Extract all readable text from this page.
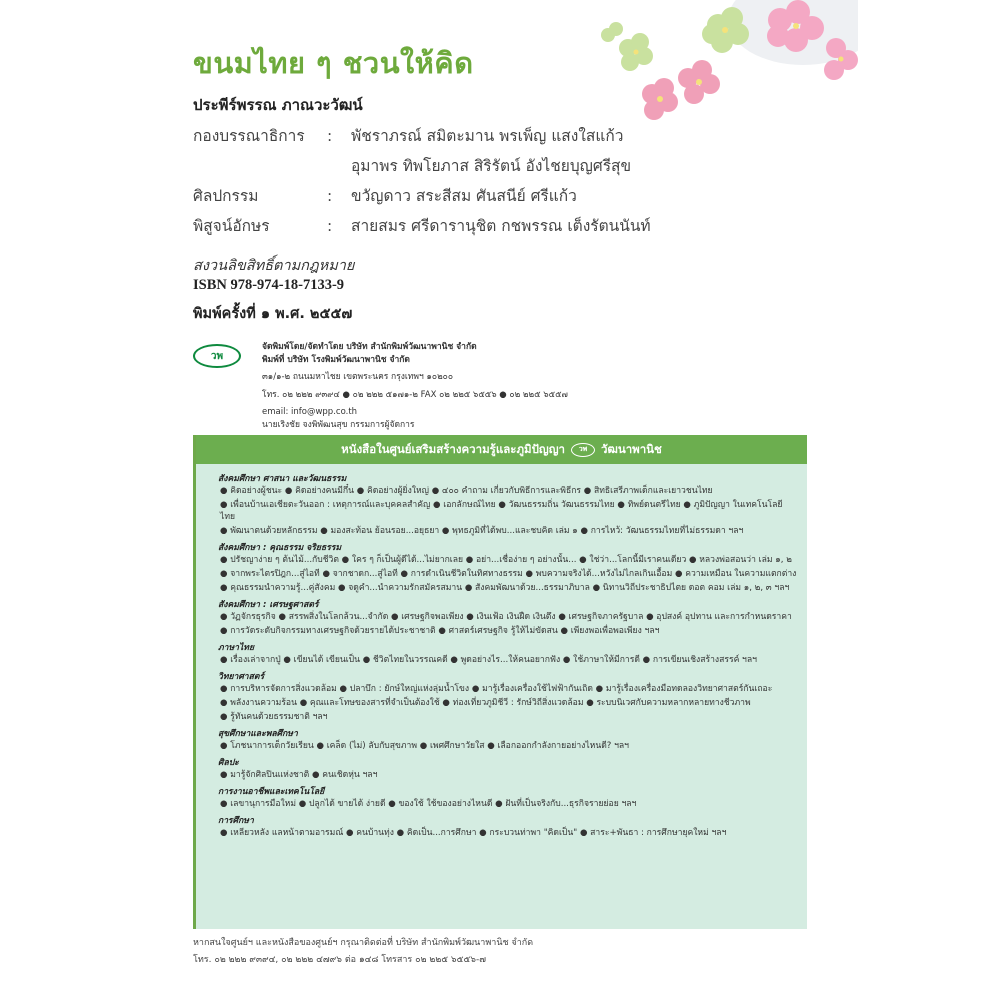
ขนมไทย ๆ ชวนให้คิด
ประพีร์พรรณ ภาณวะวัฒน์
กองบรรณาธิการ	:	พัชราภรณ์ สมิตะมาน พรเพ็ญ แสงใสแก้ว
อุมาพร ทิพโยภาส สิริรัตน์ อังไชยบุญศรีสุข
ศิลปกรรม	:	ขวัญดาว สระสีสม ศันสนีย์ ศรีแก้ว
พิสูจน์อักษร	:	สายสมร ศรีดารานุชิต กชพรรณ เต็งรัตนนันท์
สงวนลิขสิทธิ์ตามกฎหมาย
ISBN 978-974-18-7133-9
พิมพ์ครั้งที่ ๑ พ.ศ. ๒๕๕๗
วพ
จัดพิมพ์โดย/จัดทำโดย บริษัท สำนักพิมพ์วัฒนาพานิช จำกัด
พิมพ์ที่ บริษัท โรงพิมพ์วัฒนาพานิช จำกัด
๓๑/๑-๒ ถนนมหาไชย เขตพระนคร กรุงเทพฯ ๑๐๒๐๐
โทร. ๐๒ ๒๒๒ ๙๓๙๔ ● ๐๒ ๒๒๒ ๕๑๗๑-๒ FAX ๐๒ ๒๒๕ ๖๕๕๖ ● ๐๒ ๒๒๕ ๖๕๕๗
email: info@wpp.co.th
นายเริงชัย จงพิพัฒนสุข กรรมการผู้จัดการ
หนังสือในศูนย์เสริมสร้างความรู้และภูมิปัญญา	วพ	วัฒนาพานิช
สังคมศึกษา ศาสนา และวัฒนธรรม
● คิดอย่างผู้ชนะ ● คิดอย่างคนมีกึ๋น ● คิดอย่างผู้ยิ่งใหญ่ ● ๔๐๐ คำถาม เกี่ยวกับพิธีการและพิธีกร ● สิทธิเสรีภาพเด็กและเยาวชนไทย
● เพื่อนบ้านเอเชียตะวันออก : เหตุการณ์และบุคคลสำคัญ ● เอกลักษณ์ไทย ● วัฒนธรรมถิ่น วัฒนธรรมไทย ● ทิพย์ดนตรีไทย ● ภูมิปัญญา ในเทคโนโลยีไทย
● พัฒนาตนด้วยหลักธรรม ● มองสะท้อน ย้อนรอย...อยุธยา ● พุทธภูมิที่ได้พบ...และชบคิด เล่ม ๑ ● การไหว้: วัฒนธรรมไทยที่ไม่ธรรมดา ฯลฯ
สังคมศึกษา : คุณธรรม จริยธรรม
● ปรัชญาง่าย ๆ ต้นไม้...กับชีวิต ● ใคร ๆ ก็เป็นผู้ดีได้...ไม่ยากเลย ● อย่า...เชื่อง่าย ๆ อย่างนั้น... ● ใช่ว่า...โลกนี้มีเราคนเดียว ● หลวงพ่อสอนว่า เล่ม ๑, ๒
● จากพระไตรปิฎก...สู่ไอที ● จากชาดก...สู่ไอที ● การดำเนินชีวิตในทิศทางธรรม ● พบความจริงได้...หวังไม่ไกลเกินเอื้อม ● ความเหมือน ในความแตกต่าง
● คุณธรรมนำความรู้...คู่สังคม ● จดูคำ...นำความรักสมัครสมาน ● สังคมพัฒนาด้วย...ธรรมาภิบาล ● นิทานวิถีประชาธิปไตย ดอต คอม เล่ม ๑, ๒, ๓ ฯลฯ
สังคมศึกษา : เศรษฐศาสตร์
● วัฏจักรธุรกิจ ● สรรพสิ่งในโลกล้วน...จำกัด ● เศรษฐกิจพอเพียง ● เงินเฟ้อ เงินฝืด เงินตึง ● เศรษฐกิจภาครัฐบาล ● อุปสงค์ อุปทาน และการกำหนดราคา
● การวัดระดับกิจกรรมทางเศรษฐกิจด้วยรายได้ประชาชาติ ● ศาสตร์เศรษฐกิจ รู้ให้ไม่ขัดสน ● เพียงพอเพื่อพอเพียง ฯลฯ
ภาษาไทย
● เรื่องเล่าจากปู่ ● เขียนได้ เขียนเป็น ● ชีวิตไทยในวรรณคดี ● พูดอย่างไร...ให้คนอยากฟัง ● ใช้ภาษาให้มีการดี ● การเขียนเชิงสร้างสรรค์ ฯลฯ
วิทยาศาสตร์
● การบริหารจัดการสิ่งแวดล้อม ● ปลาบึก : ยักษ์ใหญ่แห่งลุ่มน้ำโขง ● มารู้เรื่องเครื่องใช้ไฟฟ้ากันเถิด ● มารู้เรื่องเครื่องมือทดลองวิทยาศาสตร์กันเถอะ
● พลังงานความร้อน ● คุณและโทษของสารที่จำเป็นต้องใช้ ● ท่องเที่ยวภูมิชีวี : รักษ์วิถีสิ่งแวดล้อม ● ระบบนิเวศกับความหลากหลายทางชีวภาพ
● รู้ทันคนด้วยธรรมชาติ ฯลฯ
สุขศึกษาและพลศึกษา
● โภชนาการเด็กวัยเรียน ● เคล็ด (ไม่) ลับกับสุขภาพ ● เพศศึกษาวัยใส ● เลือกออกกำลังกายอย่างไหนดี? ฯลฯ
ศิลปะ
● มารู้จักศิลปินแห่งชาติ ● คนเชิดหุ่น ฯลฯ
การงานอาชีพและเทคโนโลยี
● เลขานุการมือใหม่ ● ปลูกได้ ขายได้ ง่ายดี ● ของใช้ ใช้ของอย่างไหนดี ● ฝันที่เป็นจริงกับ...ธุรกิจรายย่อย ฯลฯ
การศึกษา
● เหลียวหลัง แลหน้าตามอารมณ์ ● คนบ้านทุ่ง ● คิดเป็น...การศึกษา ● กระบวนท่าพา "คิดเป็น" ● สาระ+พันธา : การศึกษายุคใหม่ ฯลฯ
หากสนใจศูนย์ฯ และหนังสือของศูนย์ฯ กรุณาติดต่อที่ บริษัท สำนักพิมพ์วัฒนาพานิช จำกัด
โทร. ๐๒ ๒๒๒ ๙๓๙๔, ๐๒ ๒๒๒ ๔๗๙๖ ต่อ ๑๔๘ โทรสาร ๐๒ ๒๒๕ ๖๕๕๖-๗
